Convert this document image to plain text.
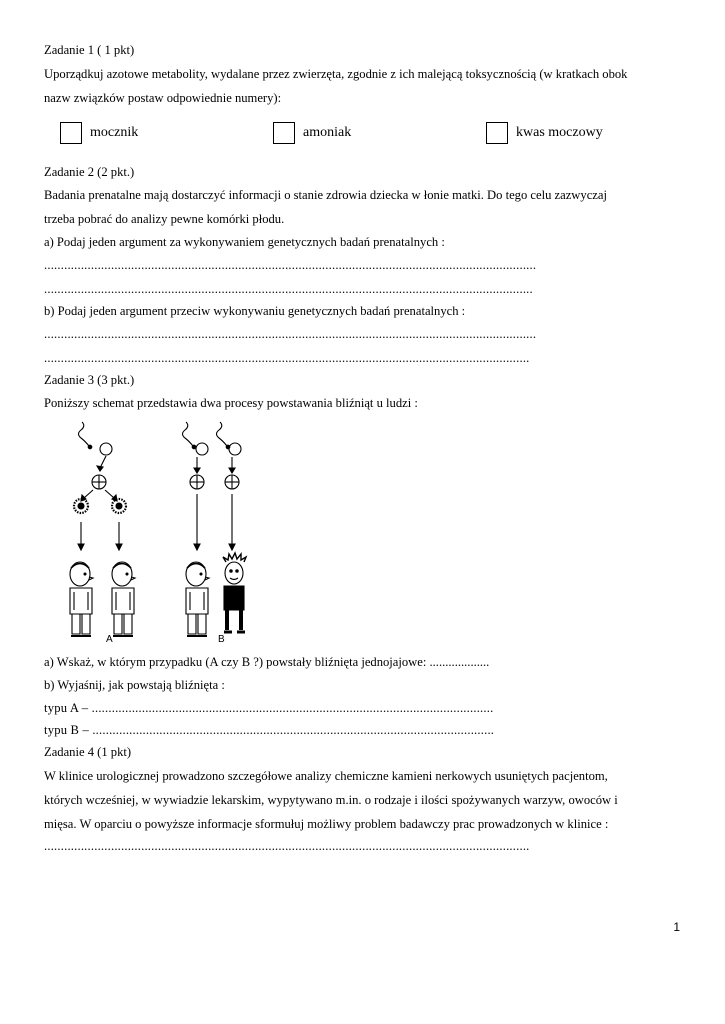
Zadanie 1 ( 1 pkt)
Uporządkuj azotowe metabolity, wydalane przez zwierzęta, zgodnie z ich malejącą toksycznością (w kratkach obok
nazw związków postaw odpowiednie numery):
mocznik	amoniak	kwas moczowy
Zadanie 2 (2 pkt.)
Badania prenatalne mają dostarczyć informacji o stanie zdrowia dziecka w łonie matki. Do tego celu zazwyczaj
trzeba pobrać do analizy pewne komórki płodu.
a) Podaj jeden argument za wykonywaniem genetycznych badań prenatalnych :
...................................................................................................................................................
..................................................................................................................................................
b) Podaj jeden argument przeciw wykonywaniu genetycznych badań prenatalnych :
...................................................................................................................................................
.................................................................................................................................................
Zadanie 3 (3 pkt.)
Poniższy schemat przedstawia dwa procesy powstawania bliźniąt u ludzi :
A	B
a) Wskaż, w którym przypadku (A czy B ?) powstały bliźnięta jednojajowe: ...................
b) Wyjaśnij, jak powstają bliźnięta :
typu A – ........................................................................................................................
typu B – ........................................................................................................................
Zadanie 4 (1 pkt)
W klinice urologicznej prowadzono szczegółowe analizy chemiczne kamieni nerkowych usuniętych pacjentom,
których wcześniej, w wywiadzie lekarskim, wypytywano m.in. o rodzaje i ilości spożywanych warzyw, owoców i
mięsa. W oparciu o powyższe informacje sformułuj możliwy problem badawczy prac prowadzonych w klinice :
.................................................................................................................................................
1
